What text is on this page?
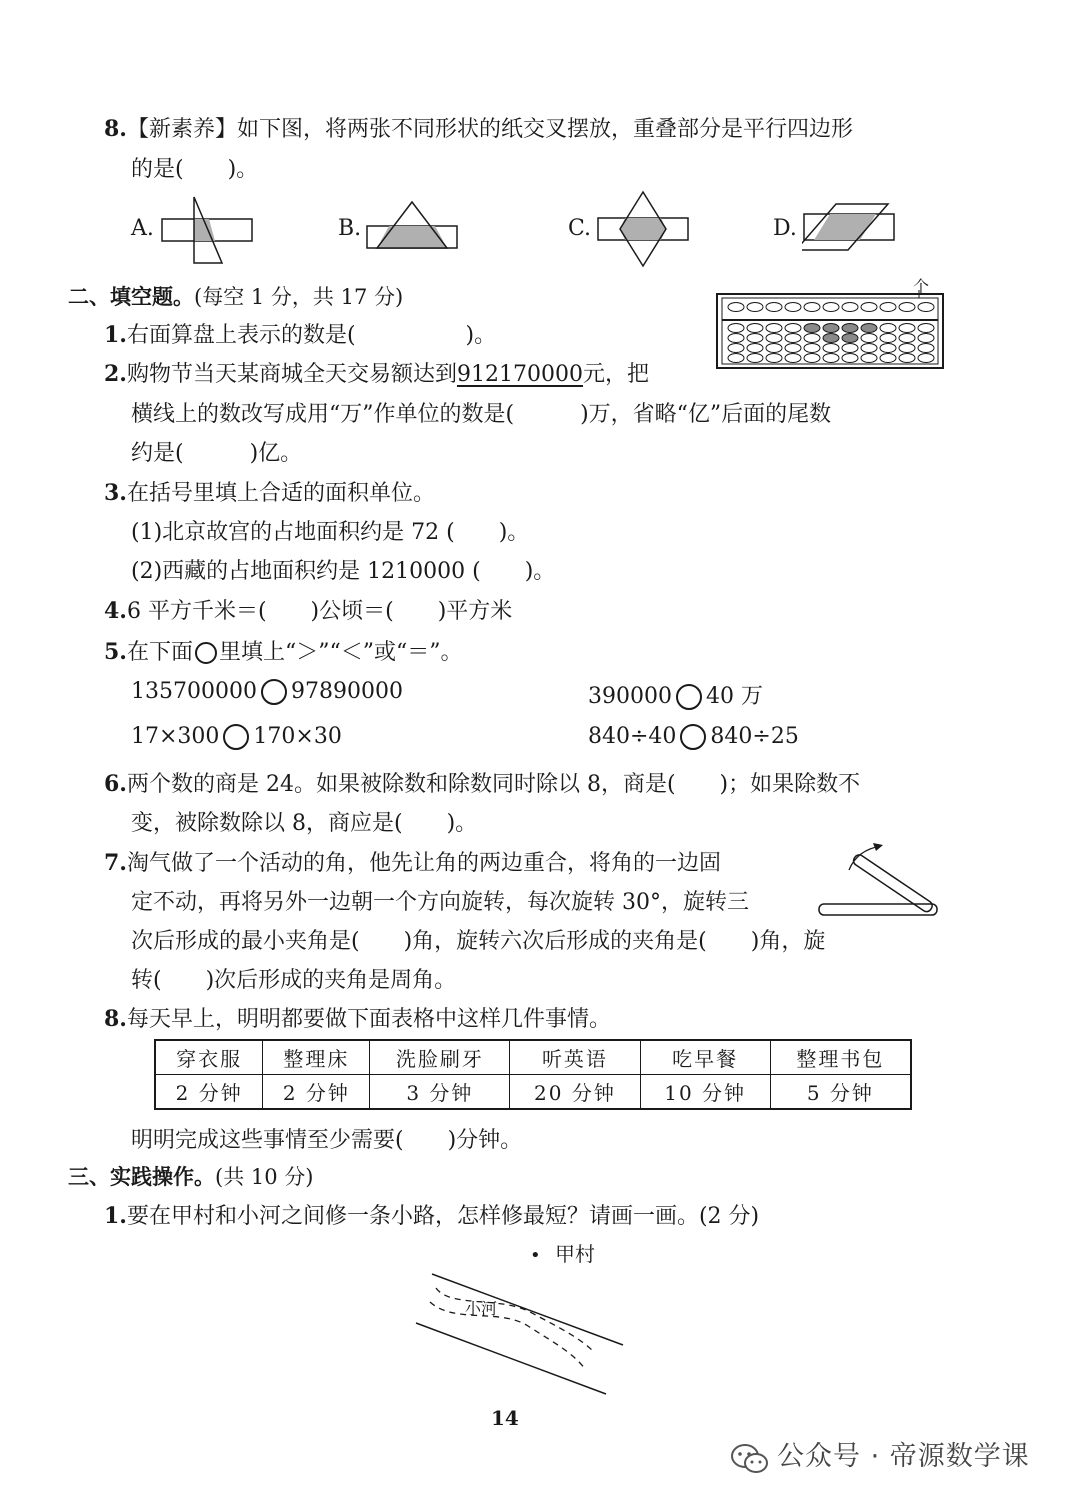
8.【新素养】如下图，将两张不同形状的纸交叉摆放，重叠部分是平行四边形
的是(　　)。
A.	B.	C.	D.
二、填空题。(每空 1 分，共 17 分)	个
1.右面算盘上表示的数是(　　　　　)。
2.购物节当天某商城全天交易额达到912170000元，把
横线上的数改写成用“万”作单位的数是(　　　)万，省略“亿”后面的尾数
约是(　　　)亿。
3.在括号里填上合适的面积单位。
(1)北京故宫的占地面积约是 72 (　　)。
(2)西藏的占地面积约是 1210000 (　　)。
4.6 平方千米＝(　　)公顷＝(　　)平方米
5.在下面 里填上“＞”“＜”或“＝”。
135700000 97890000	390000 40 万
17×300 170×30	840÷40 840÷25
6.两个数的商是 24。如果被除数和除数同时除以 8，商是(　　)；如果除数不
变，被除数除以 8，商应是(　　)。
7.淘气做了一个活动的角，他先让角的两边重合，将角的一边固
定不动，再将另外一边朝一个方向旋转，每次旋转 30°，旋转三
次后形成的最小夹角是(　　)角，旋转六次后形成的夹角是(　　)角，旋
转(　　)次后形成的夹角是周角。
8.每天早上，明明都要做下面表格中这样几件事情。
穿衣服	整理床	洗脸刷牙	听英语	吃早餐	整理书包
2 分钟	2 分钟	3 分钟	20 分钟	10 分钟	5 分钟
明明完成这些事情至少需要(　　)分钟。
三、实践操作。(共 10 分)
1.要在甲村和小河之间修一条小路，怎样修最短？请画一画。(2 分)
• 甲村
小河
14
公众号 · 帝源数学课
